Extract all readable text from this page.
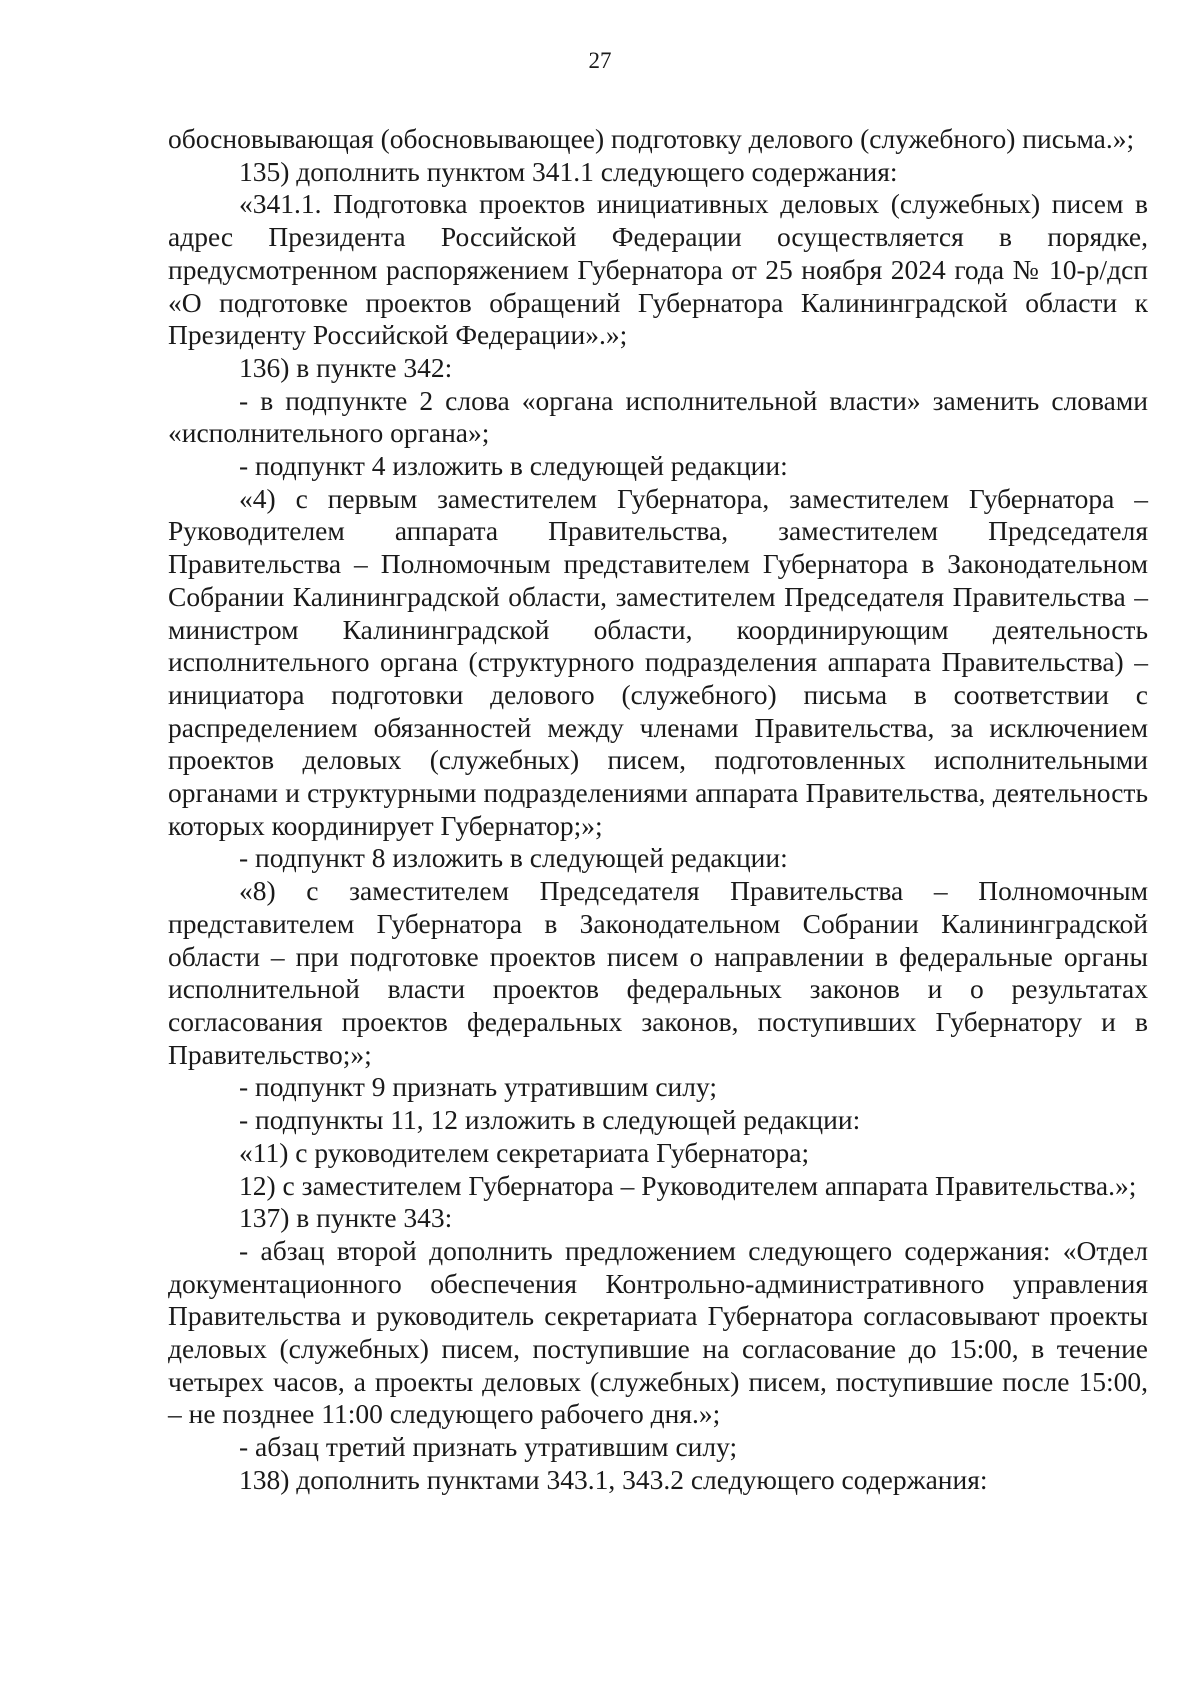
27

обосновывающая (обосновывающее) подготовку делового (служебного) письма.»;

135) дополнить пунктом 341.1 следующего содержания:

«341.1. Подготовка проектов инициативных деловых (служебных) писем в адрес Президента Российской Федерации осуществляется в порядке, предусмотренном распоряжением Губернатора от 25 ноября 2024 года № 10-р/дсп «О подготовке проектов обращений Губернатора Калининградской области к Президенту Российской Федерации».»;

136) в пункте 342:

- в подпункте 2 слова «органа исполнительной власти» заменить словами «исполнительного органа»;

- подпункт 4 изложить в следующей редакции:

«4) с первым заместителем Губернатора, заместителем Губернатора – Руководителем аппарата Правительства, заместителем Председателя Правительства – Полномочным представителем Губернатора в Законодательном Собрании Калининградской области, заместителем Председателя Правительства – министром Калининградской области, координирующим деятельность исполнительного органа (структурного подразделения аппарата Правительства) – инициатора подготовки делового (служебного) письма в соответствии с распределением обязанностей между членами Правительства, за исключением проектов деловых (служебных) писем, подготовленных исполнительными органами и структурными подразделениями аппарата Правительства, деятельность которых координирует Губернатор;»;

- подпункт 8 изложить в следующей редакции:

«8) с заместителем Председателя Правительства – Полномочным представителем Губернатора в Законодательном Собрании Калининградской области – при подготовке проектов писем о направлении в федеральные органы исполнительной власти проектов федеральных законов и о результатах согласования проектов федеральных законов, поступивших Губернатору и в Правительство;»;

- подпункт 9 признать утратившим силу;

- подпункты 11, 12 изложить в следующей редакции:

«11) с руководителем секретариата Губернатора;

12) с заместителем Губернатора – Руководителем аппарата Правительства.»;

137) в пункте 343:

- абзац второй дополнить предложением следующего содержания: «Отдел документационного обеспечения Контрольно-административного управления Правительства и руководитель секретариата Губернатора согласовывают проекты деловых (служебных) писем, поступившие на согласование до 15:00, в течение четырех часов, а проекты деловых (служебных) писем, поступившие после 15:00, – не позднее 11:00 следующего рабочего дня.»;

- абзац третий признать утратившим силу;

138) дополнить пунктами 343.1, 343.2 следующего содержания:
